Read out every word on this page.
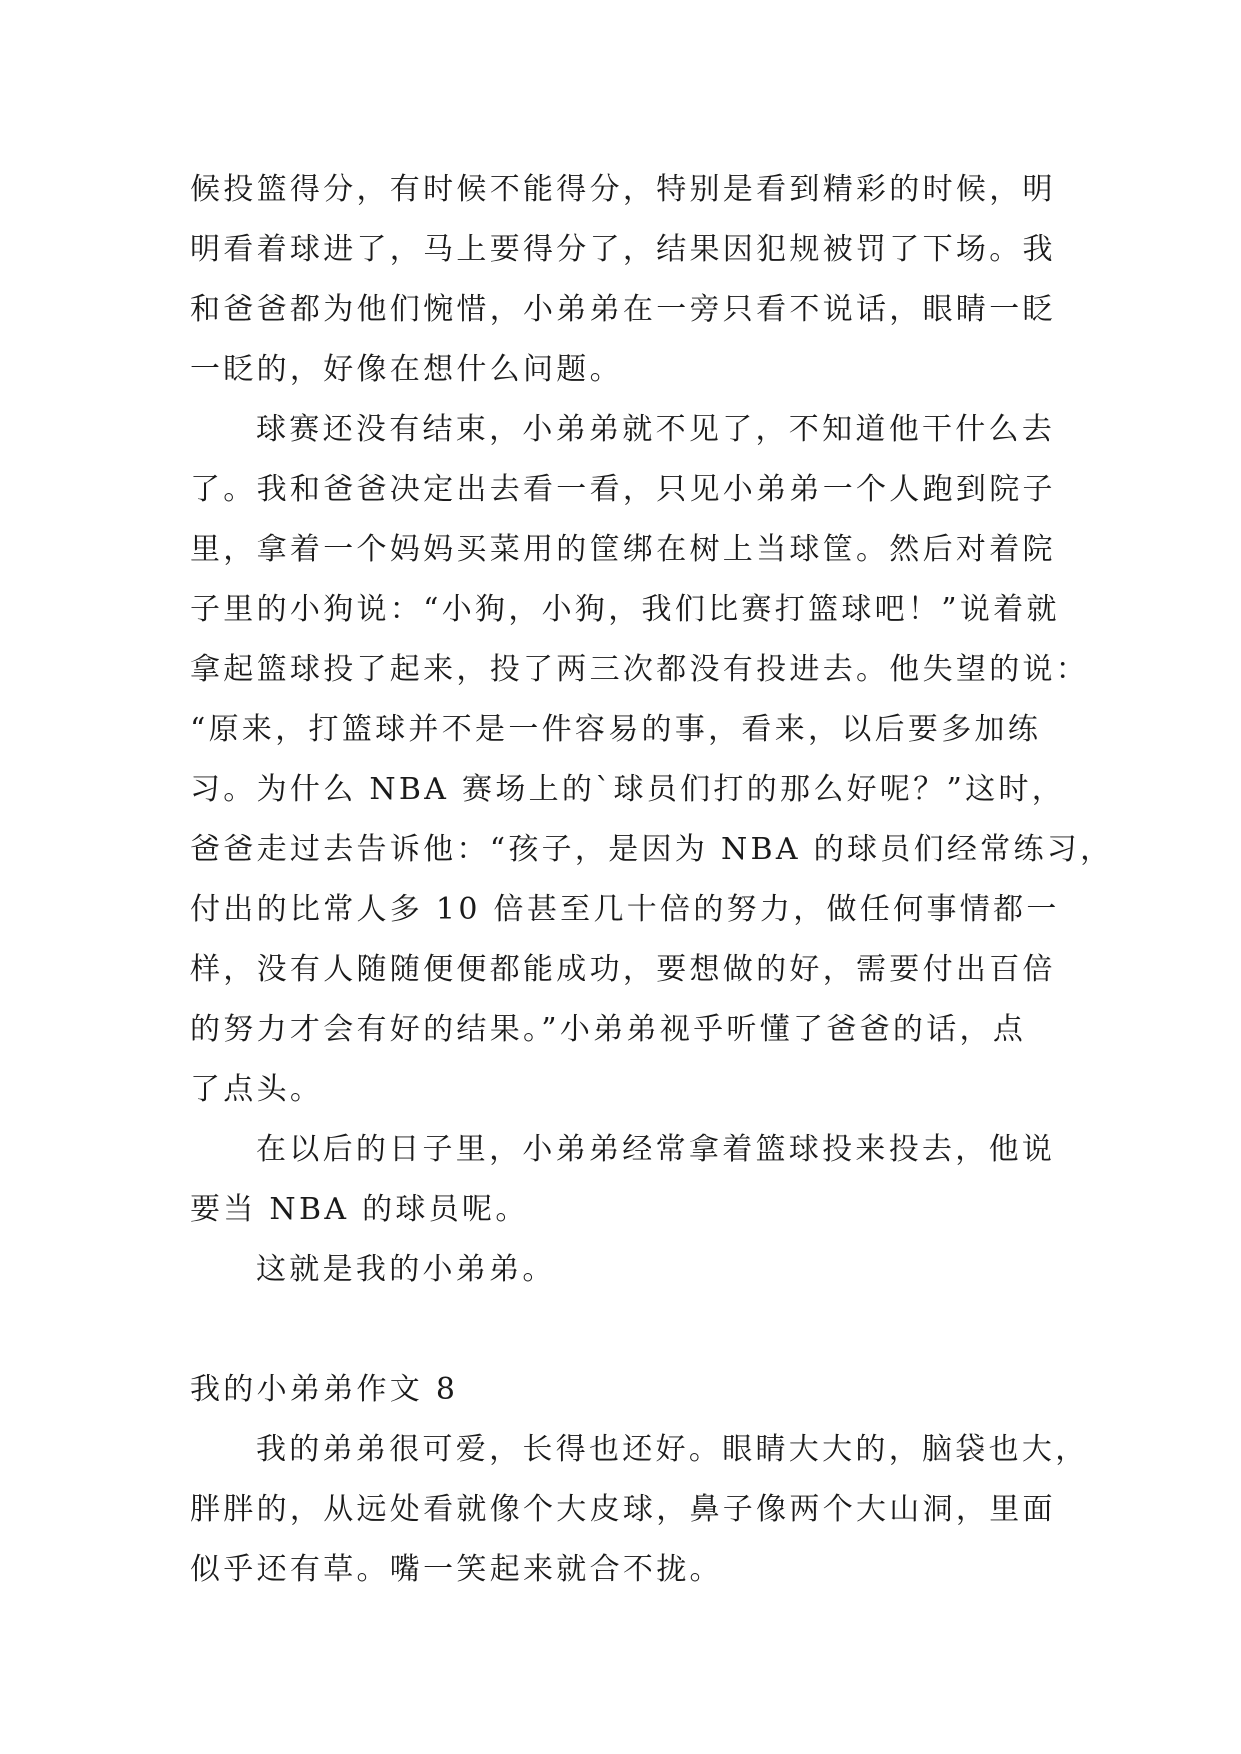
候投篮得分，有时候不能得分，特别是看到精彩的时候，明
明看着球进了，马上要得分了，结果因犯规被罚了下场。我
和爸爸都为他们惋惜，小弟弟在一旁只看不说话，眼睛一眨
一眨的，好像在想什么问题。
球赛还没有结束，小弟弟就不见了，不知道他干什么去
了。我和爸爸决定出去看一看，只见小弟弟一个人跑到院子
里，拿着一个妈妈买菜用的筐绑在树上当球筐。然后对着院
子里的小狗说：“小狗，小狗，我们比赛打篮球吧！”说着就
拿起篮球投了起来，投了两三次都没有投进去。他失望的说：
“原来，打篮球并不是一件容易的事，看来，以后要多加练
习。为什么 NBA 赛场上的`球员们打的那么好呢？”这时，
爸爸走过去告诉他：“孩子，是因为 NBA 的球员们经常练习，
付出的比常人多 10 倍甚至几十倍的努力，做任何事情都一
样，没有人随随便便都能成功，要想做的好，需要付出百倍
的努力才会有好的结果。”小弟弟视乎听懂了爸爸的话，点
了点头。
在以后的日子里，小弟弟经常拿着篮球投来投去，他说
要当 NBA 的球员呢。
这就是我的小弟弟。
我的小弟弟作文 8
我的弟弟很可爱，长得也还好。眼睛大大的，脑袋也大，
胖胖的，从远处看就像个大皮球，鼻子像两个大山洞，里面
似乎还有草。嘴一笑起来就合不拢。
